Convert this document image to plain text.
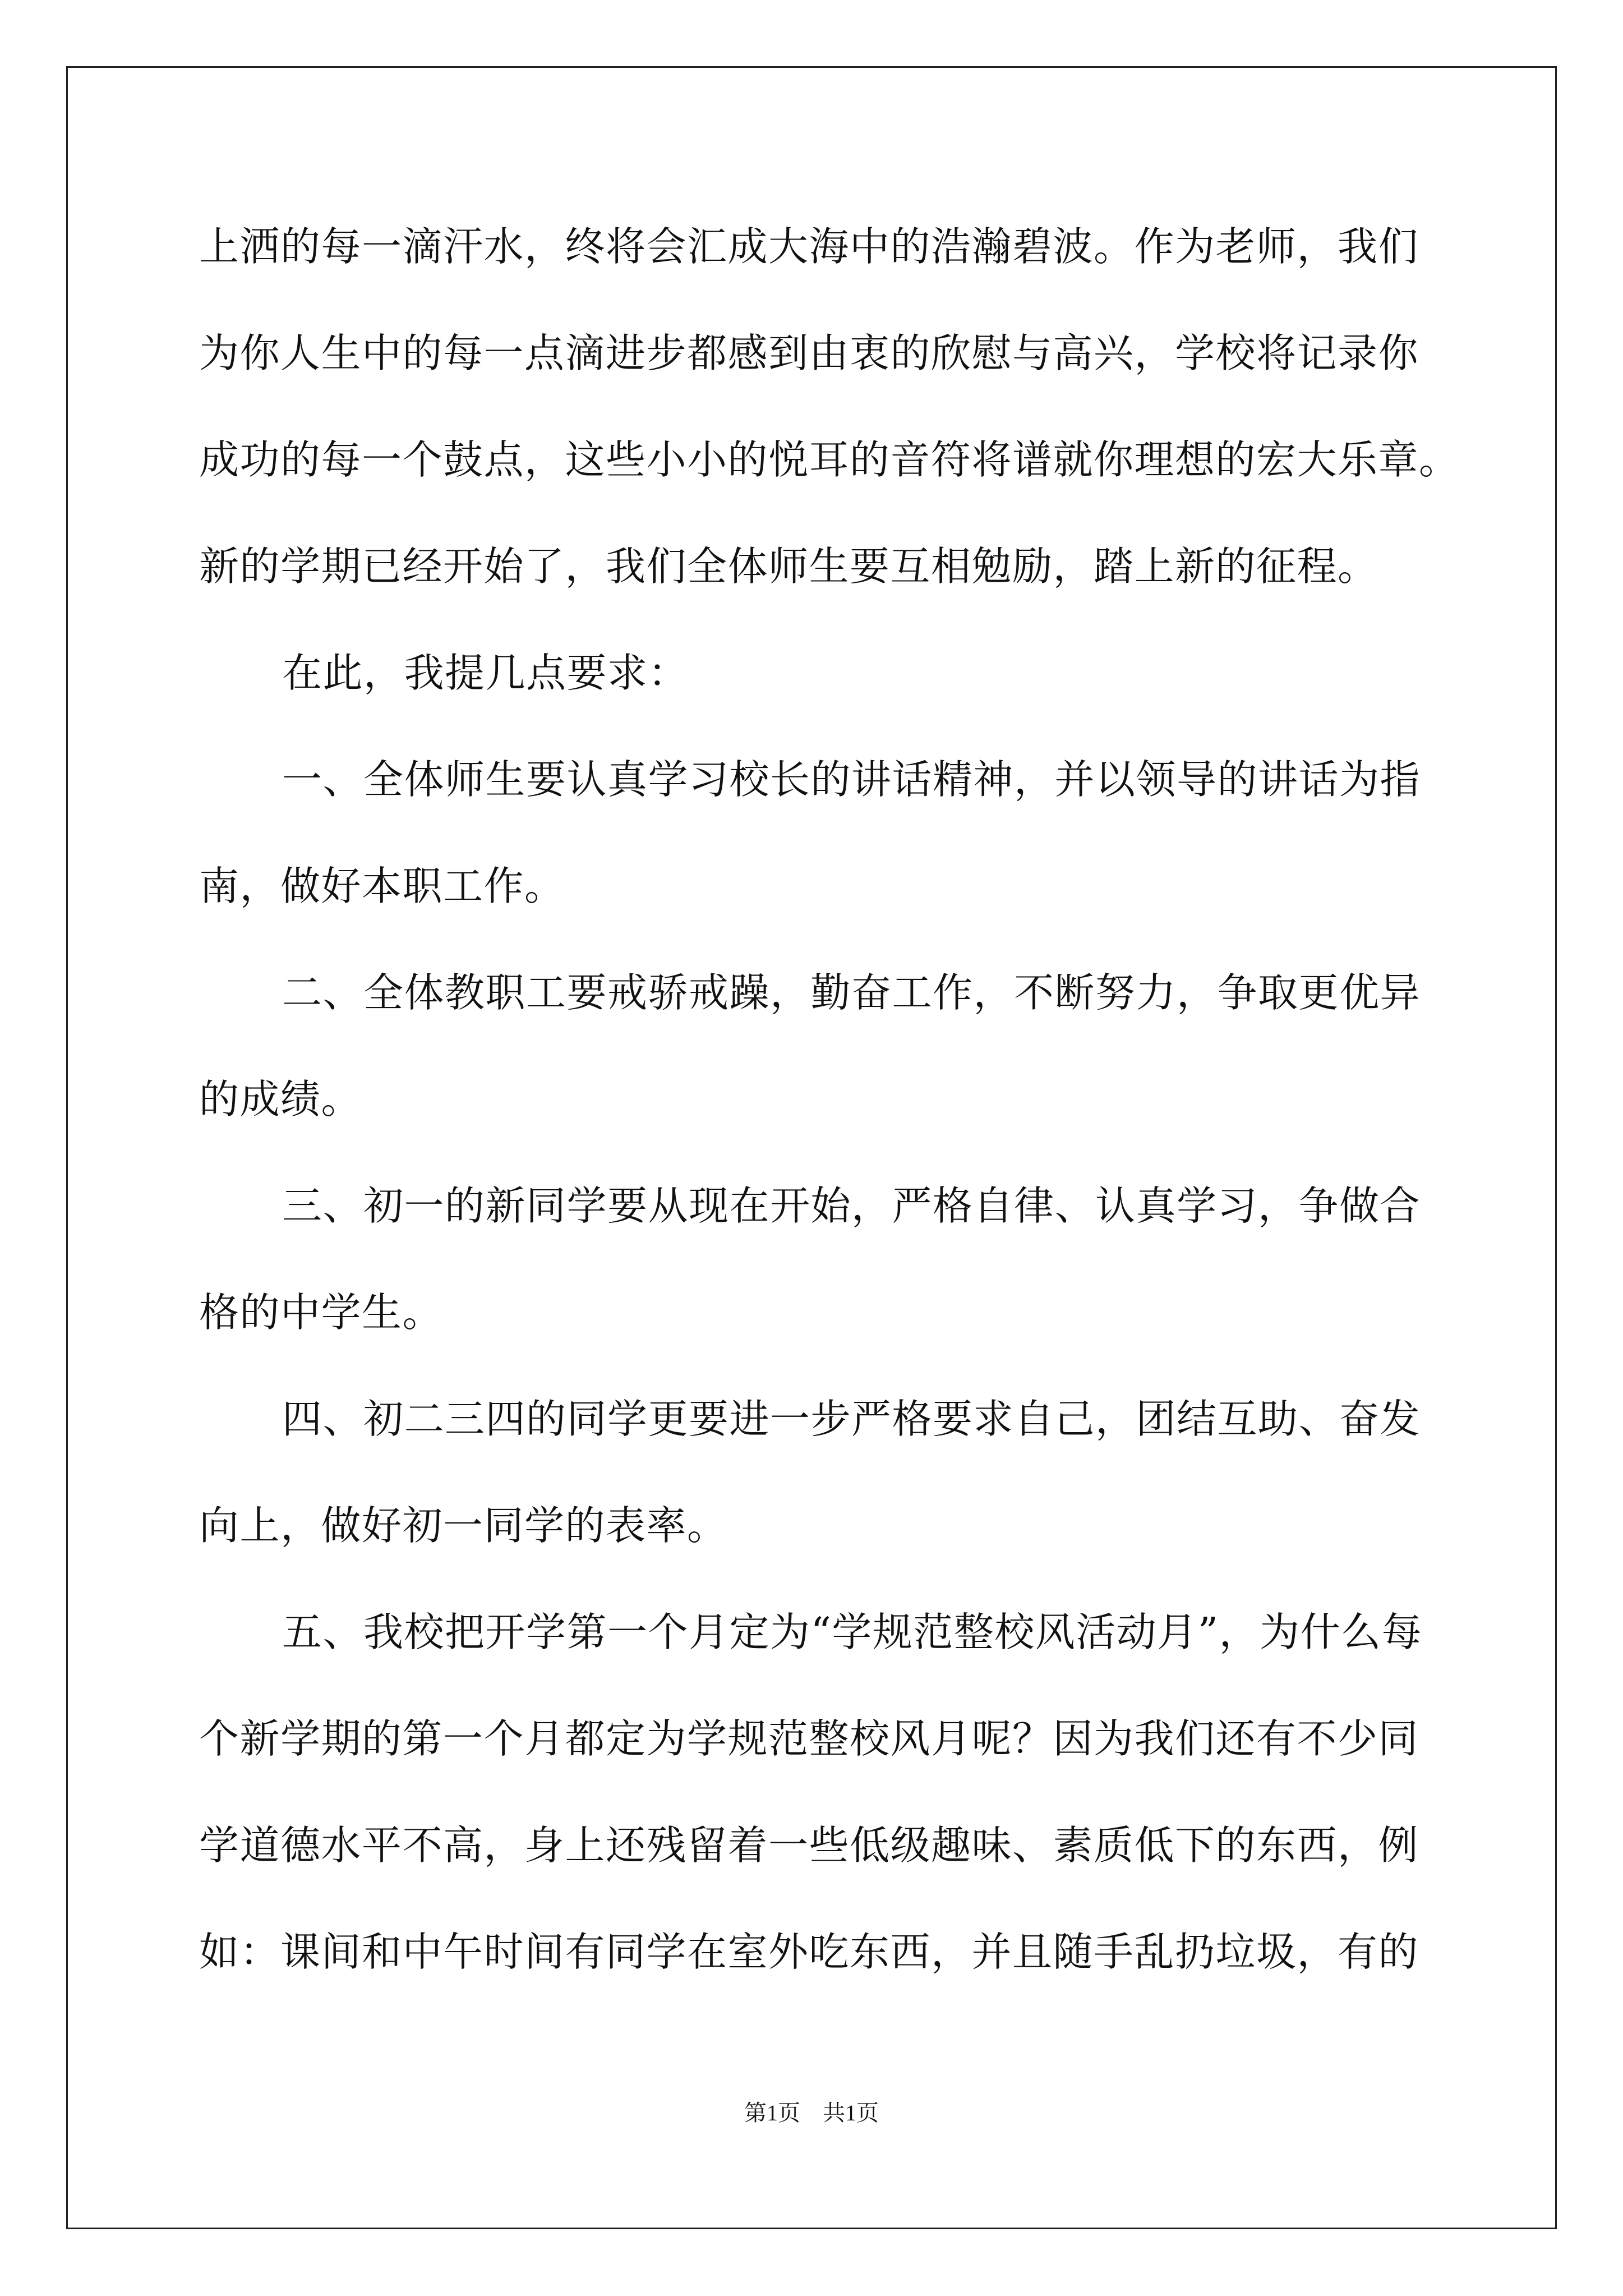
上洒的每一滴汗水，终将会汇成大海中的浩瀚碧波。作为老师，我们
为你人生中的每一点滴进步都感到由衷的欣慰与高兴，学校将记录你
成功的每一个鼓点，这些小小的悦耳的音符将谱就你理想的宏大乐章。
新的学期已经开始了，我们全体师生要互相勉励，踏上新的征程。
在此，我提几点要求：
一、全体师生要认真学习校长的讲话精神，并以领导的讲话为指
南，做好本职工作。
二、全体教职工要戒骄戒躁，勤奋工作，不断努力，争取更优异
的成绩。
三、初一的新同学要从现在开始，严格自律、认真学习，争做合
格的中学生。
四、初二三四的同学更要进一步严格要求自己，团结互助、奋发
向上，做好初一同学的表率。
五、我校把开学第一个月定为“学规范整校风活动月”，为什么每
个新学期的第一个月都定为学规范整校风月呢？因为我们还有不少同
学道德水平不高，身上还残留着一些低级趣味、素质低下的东西，例
如：课间和中午时间有同学在室外吃东西，并且随手乱扔垃圾，有的
第1页 共1页
